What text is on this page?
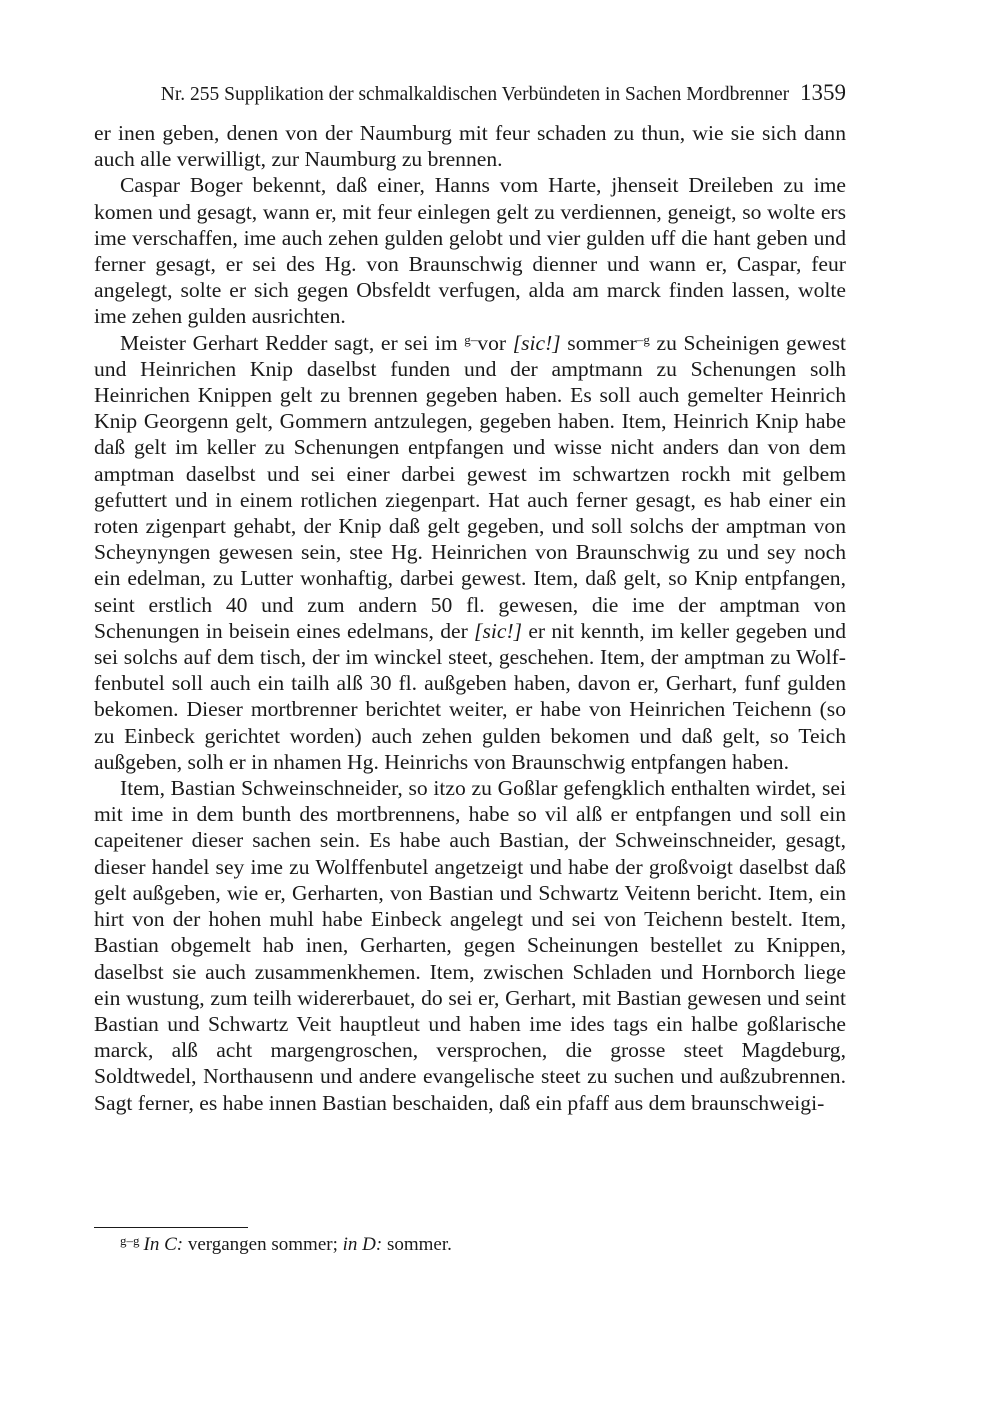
Nr. 255 Supplikation der schmalkaldischen Verbündeten in Sachen Mordbrenner 1359

er inen geben, denen von der Naumburg mit feur schaden zu thun, wie sie sich dann auch alle verwilligt, zur Naumburg zu brennen.

Caspar Boger bekennt, daß einer, Hanns vom Harte, jhenseit Dreileben zu ime komen und gesagt, wann er, mit feur einlegen gelt zu verdiennen, geneigt, so wolte ers ime verschaffen, ime auch zehen gulden gelobt und vier gulden uff die hant geben und ferner gesagt, er sei des Hg. von Braunschwig dienner und wann er, Caspar, feur angelegt, solte er sich gegen Obsfeldt verfugen, alda am marck finden lassen, wolte ime zehen gulden ausrichten.

Meister Gerhart Redder sagt, er sei im $^{g-}$vor [sic!] sommer$^{-g}$ zu Scheinigen gewest und Heinrichen Knip daselbst funden und der amptmann zu Schenungen solh Heinrichen Knippen gelt zu brennen gegeben haben. Es soll auch gemelter Heinrich Knip Georgenn gelt, Gommern antzulegen, gegeben haben. Item, Heinrich Knip habe daß gelt im keller zu Schenungen entpfangen und wisse nicht anders dan von dem amptman daselbst und sei einer darbei gewest im schwartzen rockh mit gelbem gefuttert und in einem rotlichen ziegenpart. Hat auch ferner gesagt, es hab einer ein roten zigenpart gehabt, der Knip daß gelt gegeben, und soll solchs der amptman von Scheynyngen gewesen sein, stee Hg. Heinrichen von Braunschwig zu und sey noch ein edelman, zu Lutter wonhaftig, darbei gewest. Item, daß gelt, so Knip entpfangen, seint erstlich 40 und zum andern 50 fl. gewesen, die ime der amptman von Schenungen in beisein eines edelmans, der [sic!] er nit kennth, im keller gegeben und sei solchs auf dem tisch, der im winckel steet, geschehen. Item, der amptman zu Wolffenbutel soll auch ein tailh alß 30 fl. außgeben haben, davon er, Gerhart, funf gulden bekomen. Dieser mortbrenner berichtet weiter, er habe von Heinrichen Teichenn (so zu Einbeck gerichtet worden) auch zehen gulden bekomen und daß gelt, so Teich außgeben, solh er in nhamen Hg. Heinrichs von Braunschwig entpfangen haben.

Item, Bastian Schweinschneider, so itzo zu Goßlar gefengklich enthalten wirdet, sei mit ime in dem bunth des mortbrennens, habe so vil alß er entpfangen und soll ein capeitener dieser sachen sein. Es habe auch Bastian, der Schweinschneider, gesagt, dieser handel sey ime zu Wolffenbutel angetzeigt und habe der großvoigt daselbst daß gelt außgeben, wie er, Gerharten, von Bastian und Schwartz Veitenn bericht. Item, ein hirt von der hohen muhl habe Einbeck angelegt und sei von Teichenn bestelt. Item, Bastian obgemelt hab inen, Gerharten, gegen Scheinungen bestellet zu Knippen, daselbst sie auch zusammenkhemen. Item, zwischen Schladen und Hornborch liege ein wustung, zum teilh widererbauet, do sei er, Gerhart, mit Bastian gewesen und seint Bastian und Schwartz Veit hauptleut und haben ime ides tags ein halbe goßlarische marck, alß acht margengroschen, versprochen, die grosse steet Magdeburg, Soldtwedel, Northausenn und andere evangelische steet zu suchen und außzubrennen. Sagt ferner, es habe innen Bastian beschaiden, daß ein pfaff aus dem braunschweigi-

$^{g-g}$ In C: vergangen sommer; in D: sommer.
